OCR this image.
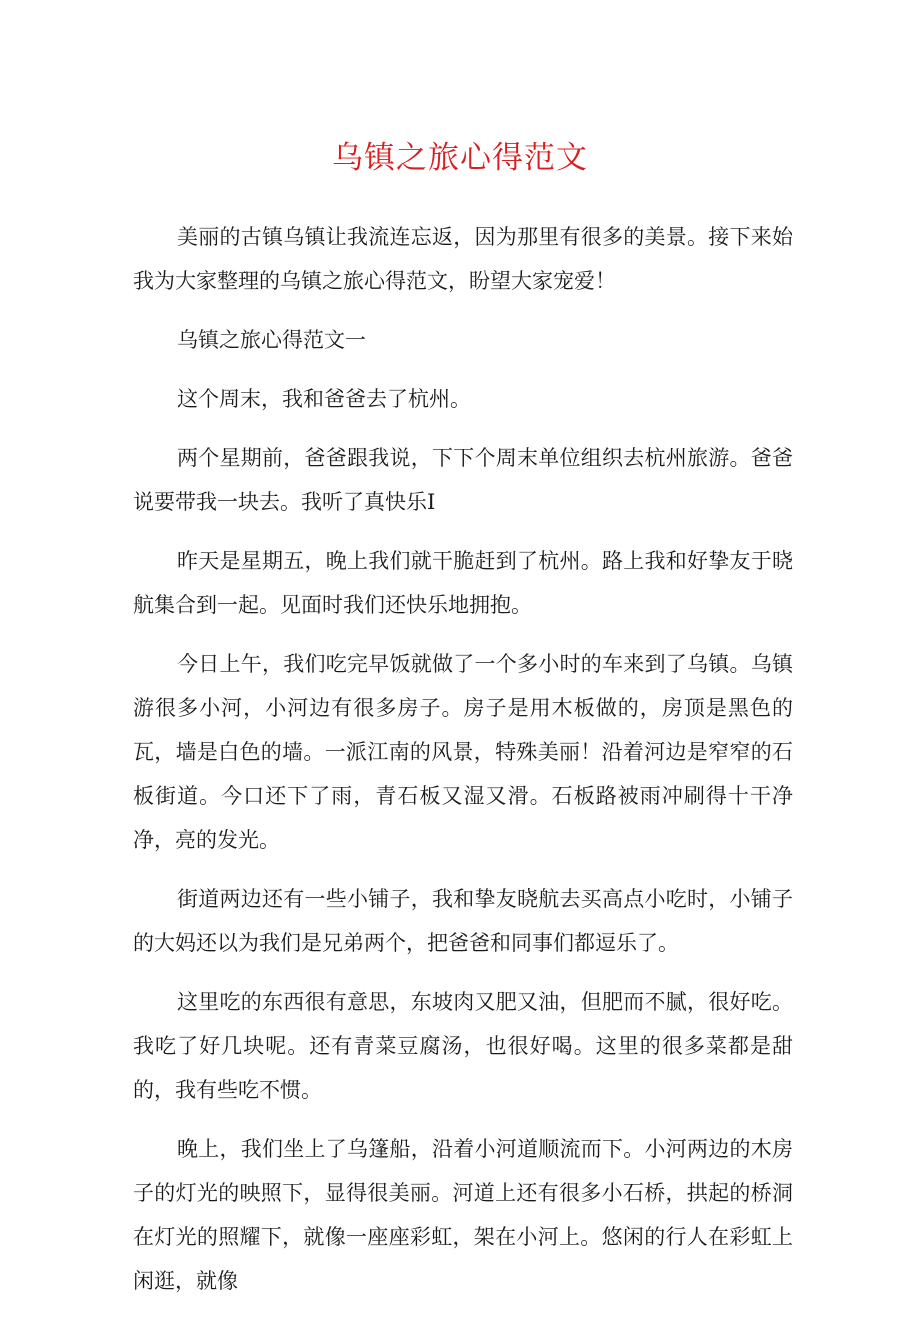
乌镇之旅心得范文

美丽的古镇乌镇让我流连忘返，因为那里有很多的美景。接下来始我为大家整理的乌镇之旅心得范文，盼望大家宠爱！

乌镇之旅心得范文一

这个周末，我和爸爸去了杭州。

两个星期前，爸爸跟我说，下下个周末单位组织去杭州旅游。爸爸说要带我一块去。我听了真快乐I

昨天是星期五，晚上我们就干脆赶到了杭州。路上我和好挚友于晓航集合到一起。见面时我们还快乐地拥抱。

今日上午，我们吃完早饭就做了一个多小时的车来到了乌镇。乌镇游很多小河，小河边有很多房子。房子是用木板做的，房顶是黑色的瓦，墙是白色的墙。一派江南的风景，特殊美丽！沿着河边是窄窄的石板街道。今口还下了雨，青石板又湿又滑。石板路被雨冲刷得十干净净，亮的发光。

街道两边还有一些小铺子，我和挚友晓航去买高点小吃时，小铺子的大妈还以为我们是兄弟两个，把爸爸和同事们都逗乐了。

这里吃的东西很有意思，东坡肉又肥又油，但肥而不腻，很好吃。我吃了好几块呢。还有青菜豆腐汤，也很好喝。这里的很多菜都是甜的，我有些吃不惯。

晚上，我们坐上了乌篷船，沿着小河道顺流而下。小河两边的木房子的灯光的映照下，显得很美丽。河道上还有很多小石桥，拱起的桥洞在灯光的照耀下，就像一座座彩虹，架在小河上。悠闲的行人在彩虹上闲逛，就像
